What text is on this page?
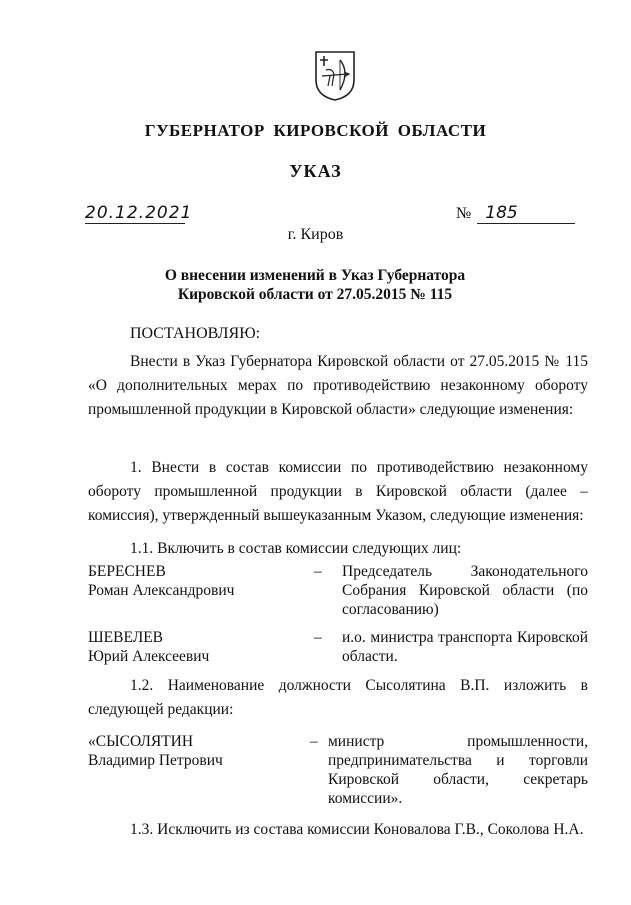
ГУБЕРНАТОР КИРОВСКОЙ ОБЛАСТИ
УКАЗ
20.12.2021	№ 185
г. Киров
О внесении изменений в Указ Губернатора
Кировской области от 27.05.2015 № 115
ПОСТАНОВЛЯЮ:
Внести в Указ Губернатора Кировской области от 27.05.2015 № 115 «О дополнительных мерах по противодействию незаконному обороту промышленной продукции в Кировской области» следующие изменения:
1. Внести в состав комиссии по противодействию незаконному обороту промышленной продукции в Кировской области (далее – комиссия), утвержденный вышеуказанным Указом, следующие изменения:
1.1. Включить в состав комиссии следующих лиц:
БЕРЕСНЕВ
Роман Александрович
– Председатель Законодательного Собрания Кировской области (по согласованию)
ШЕВЕЛЕВ
Юрий Алексеевич
– и.о. министра транспорта Кировской области.
1.2. Наименование должности Сысолятина В.П. изложить в следующей редакции:
«СЫСОЛЯТИН
Владимир Петрович
– министр промышленности, предпринимательства и торговли Кировской области, секретарь комиссии».
1.3. Исключить из состава комиссии Коновалова Г.В., Соколова Н.А.
